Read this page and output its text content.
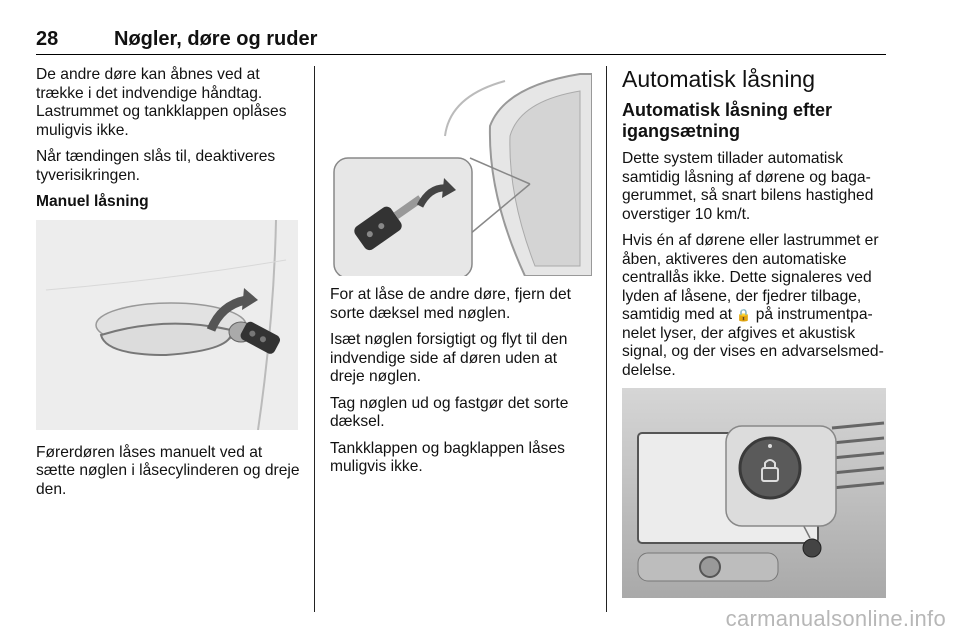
28	Nøgler, døre og ruder

De andre døre kan åbnes ved at trække i det indvendige håndtag. Lastrummet og tankklappen oplåses muligvis ikke.

Når tændingen slås til, deaktiveres tyverisikringen.

Manuel låsning

Førerdøren låses manuelt ved at sætte nøglen i låsecylinderen og dreje den.

For at låse de andre døre, fjern det sorte dæksel med nøglen.

Isæt nøglen forsigtigt og flyt til den indvendige side af døren uden at dreje nøglen.

Tag nøglen ud og fastgør det sorte dæksel.

Tankklappen og bagklappen låses muligvis ikke.

Automatisk låsning

Automatisk låsning efter igangsætning

Dette system tillader automatisk samtidig låsning af dørene og bagagerummet, så snart bilens hastighed overstiger 10 km/t.

Hvis én af dørene eller lastrummet er åben, aktiveres den automatiske centrallås ikke. Dette signaleres ved lyden af låsene, der fjedrer tilbage, samtidig med at 🔒 på instrumentpanelet lyser, der afgives et akustisk signal, og der vises en advarselsmeddelelse.

carmanualsonline.info
